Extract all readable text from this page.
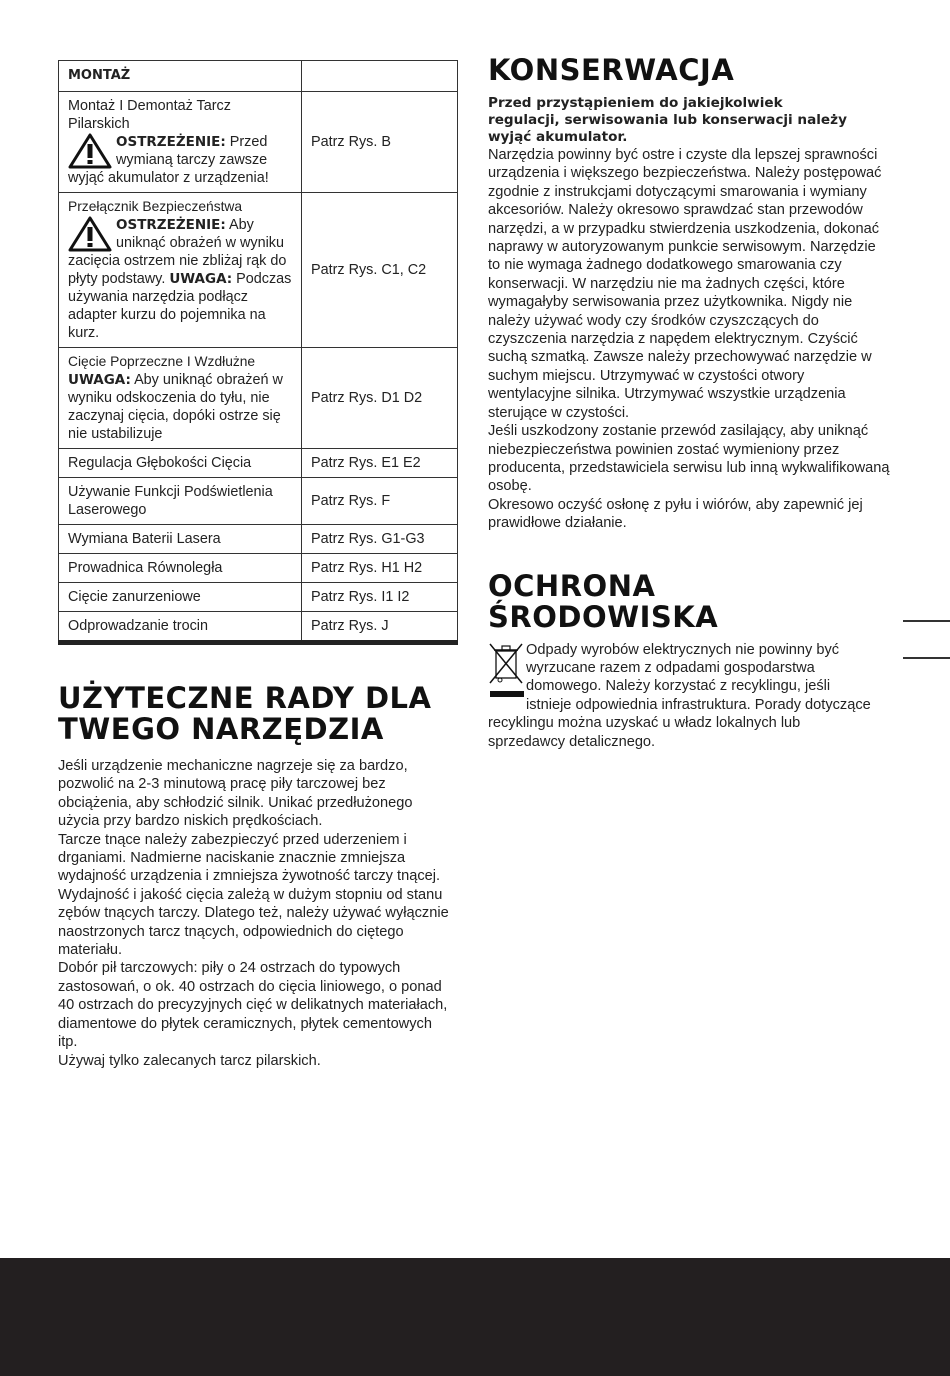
MONTAŻ	

Montaż I Demontaż Tarcz Pilarskich
OSTRZEŻENIE: Przed wymianą tarczy zawsze wyjąć akumulator z urządzenia!	Patrz Rys. B

Przełącznik Bezpieczeństwa
OSTRZEŻENIE: Aby uniknąć obrażeń w wyniku zacięcia ostrzem nie zbliżaj rąk do płyty podstawy. UWAGA: Podczas używania narzędzia podłącz adapter kurzu do pojemnika na kurz.	Patrz Rys. C1, C2

Cięcie Poprzeczne I Wzdłużne
UWAGA: Aby uniknąć obrażeń w wyniku odskoczenia do tyłu, nie zaczynaj cięcia, dopóki ostrze się nie ustabilizuje	Patrz Rys. D1 D2
Regulacja Głębokości Cięcia	Patrz Rys. E1 E2
Używanie Funkcji Podświetlenia Laserowego	Patrz Rys. F
Wymiana Baterii Lasera	Patrz Rys. G1-G3
Prowadnica Równoległa	Patrz Rys. H1 H2
Cięcie zanurzeniowe	Patrz Rys. I1 I2
Odprowadzanie trocin	Patrz Rys. J
UŻYTECZNE RADY DLA TWEGO NARZĘDZIA

Jeśli urządzenie mechaniczne nagrzeje się za bardzo, pozwolić na 2-3 minutową pracę piły tarczowej bez obciążenia, aby schłodzić silnik. Unikać przedłużonego użycia przy bardzo niskich prędkościach.
Tarcze tnące należy zabezpieczyć przed uderzeniem i drganiami. Nadmierne naciskanie znacznie zmniejsza wydajność urządzenia i zmniejsza żywotność tarczy tnącej. Wydajność i jakość cięcia zależą w dużym stopniu od stanu zębów tnących tarczy. Dlatego też, należy używać wyłącznie naostrzonych tarcz tnących, odpowiednich do ciętego materiału.
Dobór pił tarczowych: piły o 24 ostrzach do typowych zastosowań, o ok. 40 ostrzach do cięcia liniowego, o ponad 40 ostrzach do precyzyjnych cięć w delikatnych materiałach, diamentowe do płytek ceramicznych, płytek cementowych itp.
Używaj tylko zalecanych tarcz pilarskich.

KONSERWACJA

Przed przystąpieniem do jakiejkolwiek regulacji, serwisowania lub konserwacji należy wyjąć akumulator.

Narzędzia powinny być ostre i czyste dla lepszej sprawności urządzenia i większego bezpieczeństwa. Należy postępować zgodnie z instrukcjami dotyczącymi smarowania i wymiany akcesoriów. Należy okresowo sprawdzać stan przewodów narzędzi, a w przypadku stwierdzenia uszkodzenia, dokonać naprawy w autoryzowanym punkcie serwisowym. Narzędzie to nie wymaga żadnego dodatkowego smarowania czy konserwacji. W narzędziu nie ma żadnych części, które wymagałyby serwisowania przez użytkownika. Nigdy nie należy używać wody czy środków czyszczących do czyszczenia narzędzia z napędem elektrycznym. Czyścić suchą szmatką. Zawsze należy przechowywać narzędzie w suchym miejscu. Utrzymywać w czystości otwory wentylacyjne silnika. Utrzymywać wszystkie urządzenia sterujące w czystości.
Jeśli uszkodzony zostanie przewód zasilający, aby uniknąć niebezpieczeństwa powinien zostać wymieniony przez producenta, przedstawiciela serwisu lub inną wykwalifikowaną osobę.
Okresowo oczyść osłonę z pyłu i wiórów, aby zapewnić jej prawidłowe działanie.

OCHRONA ŚRODOWISKA

Odpady wyrobów elektrycznych nie powinny być wyrzucane razem z odpadami gospodarstwa domowego. Należy korzystać z recyklingu, jeśli istnieje odpowiednia infrastruktura. Porady dotyczące recyklingu można uzyskać u władz lokalnych lub sprzedawcy detalicznego.
